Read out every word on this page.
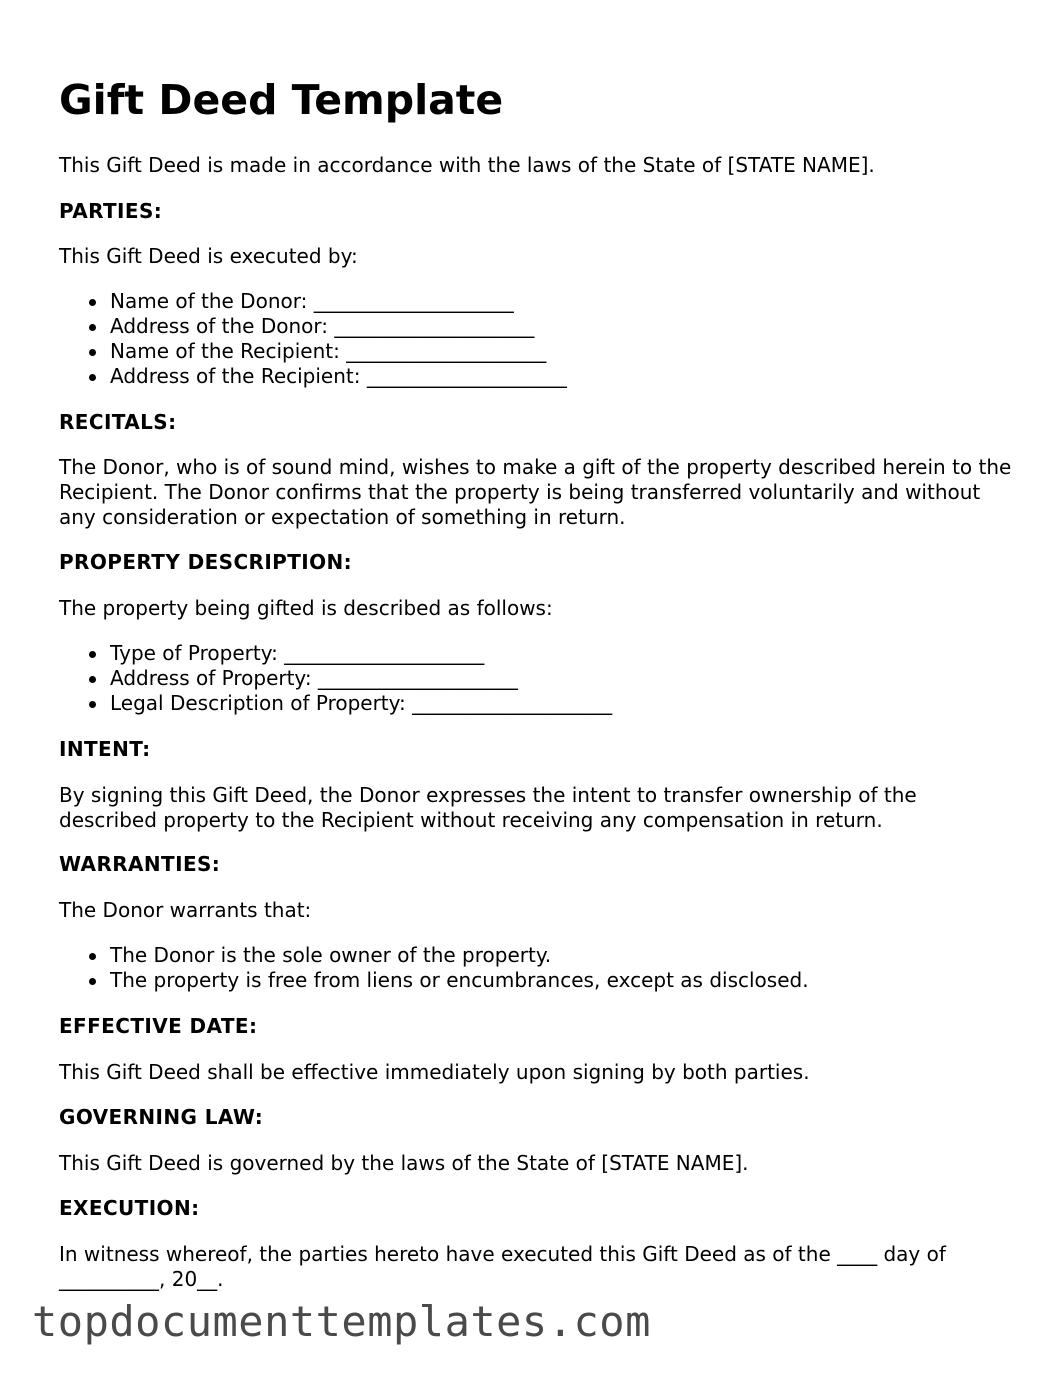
Gift Deed Template

This Gift Deed is made in accordance with the laws of the State of [STATE NAME].

PARTIES:

This Gift Deed is executed by:

Name of the Donor: ____________________
Address of the Donor: ____________________
Name of the Recipient: ____________________
Address of the Recipient: ____________________

RECITALS:

The Donor, who is of sound mind, wishes to make a gift of the property described herein to the Recipient. The Donor confirms that the property is being transferred voluntarily and without any consideration or expectation of something in return.

PROPERTY DESCRIPTION:

The property being gifted is described as follows:

Type of Property: ____________________
Address of Property: ____________________
Legal Description of Property: ____________________

INTENT:

By signing this Gift Deed, the Donor expresses the intent to transfer ownership of the described property to the Recipient without receiving any compensation in return.

WARRANTIES:

The Donor warrants that:

The Donor is the sole owner of the property.
The property is free from liens or encumbrances, except as disclosed.

EFFECTIVE DATE:

This Gift Deed shall be effective immediately upon signing by both parties.

GOVERNING LAW:

This Gift Deed is governed by the laws of the State of [STATE NAME].

EXECUTION:

In witness whereof, the parties hereto have executed this Gift Deed as of the ____ day of __________, 20__.

topdocumenttemplates.com
